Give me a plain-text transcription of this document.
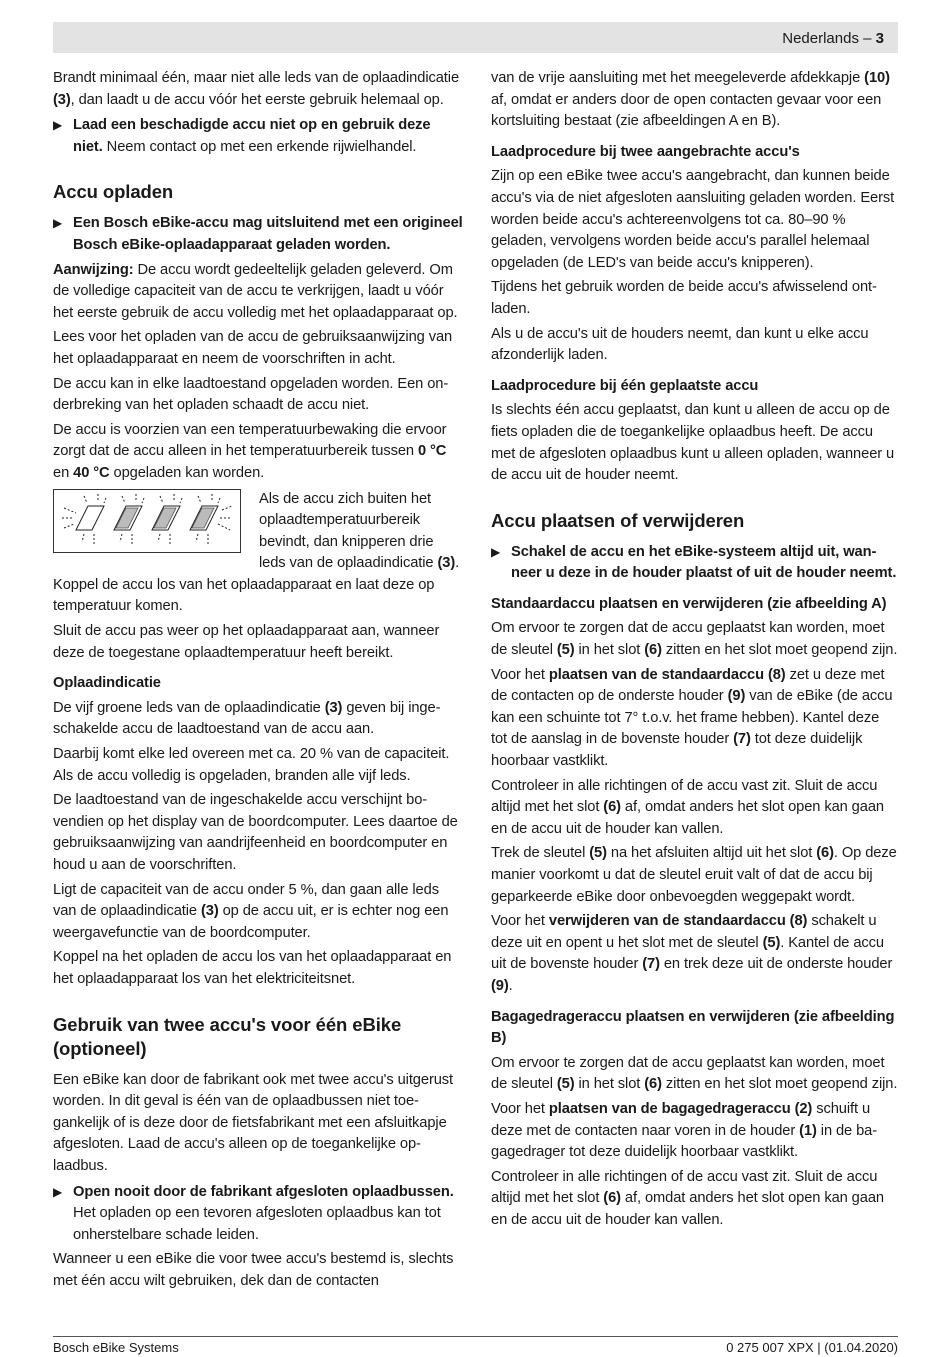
Nederlands – 3

Brandt minimaal één, maar niet alle leds van de oplaadindicatie (3), dan laadt u de accu vóór het eerste gebruik helemaal op.

▶ Laad een beschadigde accu niet op en gebruik deze niet. Neem contact op met een erkende rijwielhandel.
Accu opladen
▶ Een Bosch eBike-accu mag uitsluitend met een origineel Bosch eBike-oplaadapparaat geladen worden.

Aanwijzing: De accu wordt gedeeltelijk geladen geleverd. Om de volledige capaciteit van de accu te verkrijgen, laadt u vóór het eerste gebruik de accu volledig met het oplaadapparaat op.

Lees voor het opladen van de accu de gebruiksaanwijzing van het oplaadapparaat en neem de voorschriften in acht.

De accu kan in elke laadtoestand opgeladen worden. Een onderbreking van het opladen schaadt de accu niet.

De accu is voorzien van een temperatuurbewaking die ervoor zorgt dat de accu alleen in het temperatuurbereik tussen 0 °C en 40 °C opgeladen kan worden.

Als de accu zich buiten het oplaadtemperatuurbereik bevindt, dan knipperen drie leds van de oplaadindicatie (3). Koppel de accu los van het oplaadapparaat en laat deze op temperatuur komen.

Sluit de accu pas weer op het oplaadapparaat aan, wanneer deze de toegestane oplaadtemperatuur heeft bereikt.

Oplaadindicatie

De vijf groene leds van de oplaadindicatie (3) geven bij ingeschakelde accu de laadtoestand van de accu aan.

Daarbij komt elke led overeen met ca. 20 % van de capaciteit. Als de accu volledig is opgeladen, branden alle vijf leds.

De laadtoestand van de ingeschakelde accu verschijnt bovendien op het display van de boordcomputer. Lees daartoe de gebruiksaanwijzing van aandrijfeenheid en boordcomputer en houd u aan de voorschriften.

Ligt de capaciteit van de accu onder 5 %, dan gaan alle leds van de oplaadindicatie (3) op de accu uit, er is echter nog een weergavefunctie van de boordcomputer.

Koppel na het opladen de accu los van het oplaadapparaat en het oplaadapparaat los van het elektriciteitsnet.

Gebruik van twee accu's voor één eBike (optioneel)

Een eBike kan door de fabrikant ook met twee accu's uitgerust worden. In dit geval is één van de oplaadbussen niet toegankelijk of is deze door de fietsfabrikant met een afsluitkapje afgesloten. Laad de accu's alleen op de toegankelijke oplaadbus.

▶ Open nooit door de fabrikant afgesloten oplaadbussen. Het opladen op een tevoren afgesloten oplaadbus kan tot onherstelbare schade leiden.

Wanneer u een eBike die voor twee accu's bestemd is, slechts met één accu wilt gebruiken, dek dan de contacten

van de vrije aansluiting met het meegeleverde afdekkapje (10) af, omdat er anders door de open contacten gevaar voor een kortsluiting bestaat (zie afbeeldingen A en B).

Laadprocedure bij twee aangebrachte accu's

Zijn op een eBike twee accu's aangebracht, dan kunnen beide accu's via de niet afgesloten aansluiting geladen worden. Eerst worden beide accu's achtereenvolgens tot ca. 80–90 % geladen, vervolgens worden beide accu's parallel helemaal opgeladen (de LED's van beide accu's knipperen).

Tijdens het gebruik worden de beide accu's afwisselend ontladen.

Als u de accu's uit de houders neemt, dan kunt u elke accu afzonderlijk laden.

Laadprocedure bij één geplaatste accu

Is slechts één accu geplaatst, dan kunt u alleen de accu op de fiets opladen die de toegankelijke oplaadbus heeft. De accu met de afgesloten oplaadbus kunt u alleen opladen, wanneer u de accu uit de houder neemt.

Accu plaatsen of verwijderen
▶ Schakel de accu en het eBike-systeem altijd uit, wanneer u deze in de houder plaatst of uit de houder neemt.
Standaardaccu plaatsen en verwijderen (zie afbeelding A)

Om ervoor te zorgen dat de accu geplaatst kan worden, moet de sleutel (5) in het slot (6) zitten en het slot moet geopend zijn.

Voor het plaatsen van de standaardaccu (8) zet u deze met de contacten op de onderste houder (9) van de eBike (de accu kan een schuinte tot 7° t.o.v. het frame hebben). Kantel deze tot de aanslag in de bovenste houder (7) tot deze duidelijk hoorbaar vastklikt.

Controleer in alle richtingen of de accu vast zit. Sluit de accu altijd met het slot (6) af, omdat anders het slot open kan gaan en de accu uit de houder kan vallen.

Trek de sleutel (5) na het afsluiten altijd uit het slot (6). Op deze manier voorkomt u dat de sleutel eruit valt of dat de accu bij geparkeerde eBike door onbevoegden weggepakt wordt.

Voor het verwijderen van de standaardaccu (8) schakelt u deze uit en opent u het slot met de sleutel (5). Kantel de accu uit de bovenste houder (7) en trek deze uit de onderste houder (9).

Bagagedrageraccu plaatsen en verwijderen (zie afbeelding B)

Om ervoor te zorgen dat de accu geplaatst kan worden, moet de sleutel (5) in het slot (6) zitten en het slot moet geopend zijn.

Voor het plaatsen van de bagagedrageraccu (2) schuift u deze met de contacten naar voren in de houder (1) in de bagagedrager tot deze duidelijk hoorbaar vastklikt.

Controleer in alle richtingen of de accu vast zit. Sluit de accu altijd met het slot (6) af, omdat anders het slot open kan gaan en de accu uit de houder kan vallen.

Bosch eBike Systems	0 275 007 XPX | (01.04.2020)
